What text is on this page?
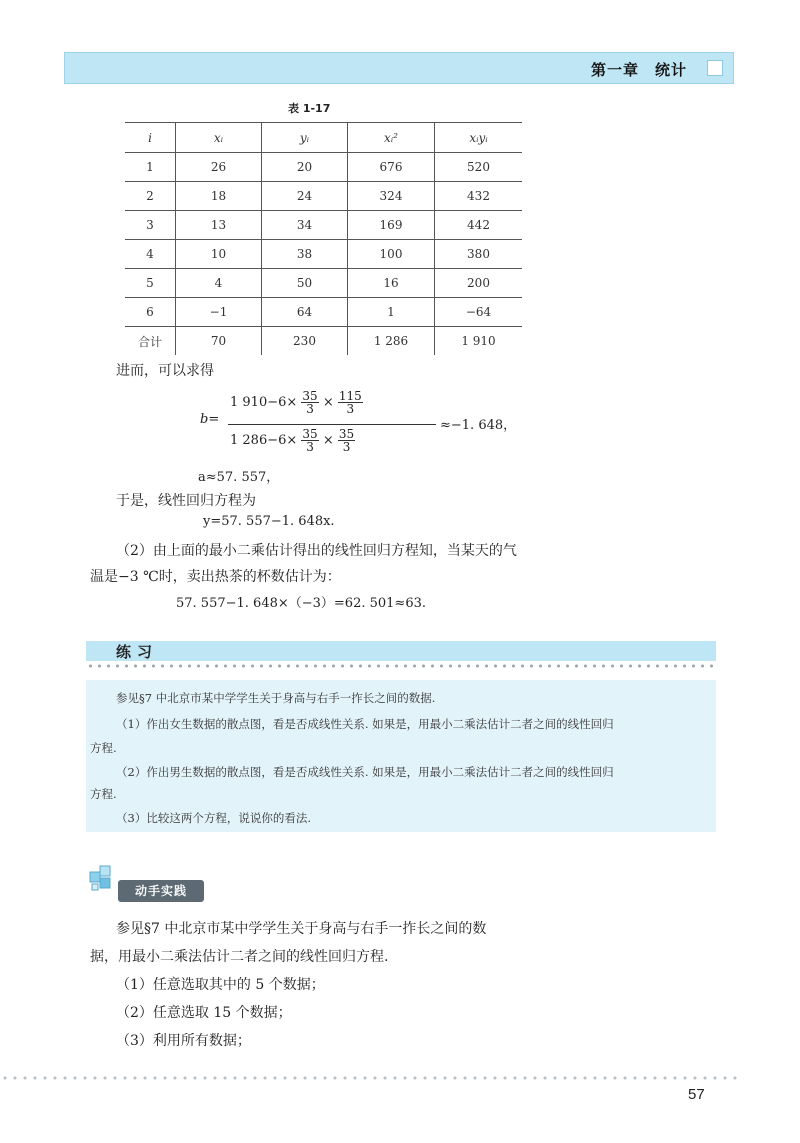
第一章　统计
表 1-17
i	xᵢ	yᵢ	xᵢ²	xᵢyᵢ
1	26	20	676	520
2	18	24	324	432
3	13	34	169	442
4	10	38	100	380
5	4	50	16	200
6	−1	64	1	−64
合计	70	230	1 286	1 910
进而，可以求得
b=
1 $910-6\times \frac{35}{3} \times \frac{115}{3}$
1 $286-6\times \frac{35}{3} \times \frac{35}{3}$
≈−1. 648，
a≈57. 557，
于是，线性回归方程为
y=57. 557−1. 648x.
（2）由上面的最小二乘估计得出的线性回归方程知，当某天的气
温是−3 ℃时，卖出热茶的杯数估计为：
57. 557−1. 648×（−3）=62. 501≈63.
练习
参见§7 中北京市某中学学生关于身高与右手一拃长之间的数据.
（1）作出女生数据的散点图，看是否成线性关系. 如果是，用最小二乘法估计二者之间的线性回归
方程.
（2）作出男生数据的散点图，看是否成线性关系. 如果是，用最小二乘法估计二者之间的线性回归
方程.
（3）比较这两个方程，说说你的看法.
动手实践
参见§7 中北京市某中学学生关于身高与右手一拃长之间的数
据，用最小二乘法估计二者之间的线性回归方程.
（1）任意选取其中的 5 个数据；
（2）任意选取 15 个数据；
（3）利用所有数据；
57
